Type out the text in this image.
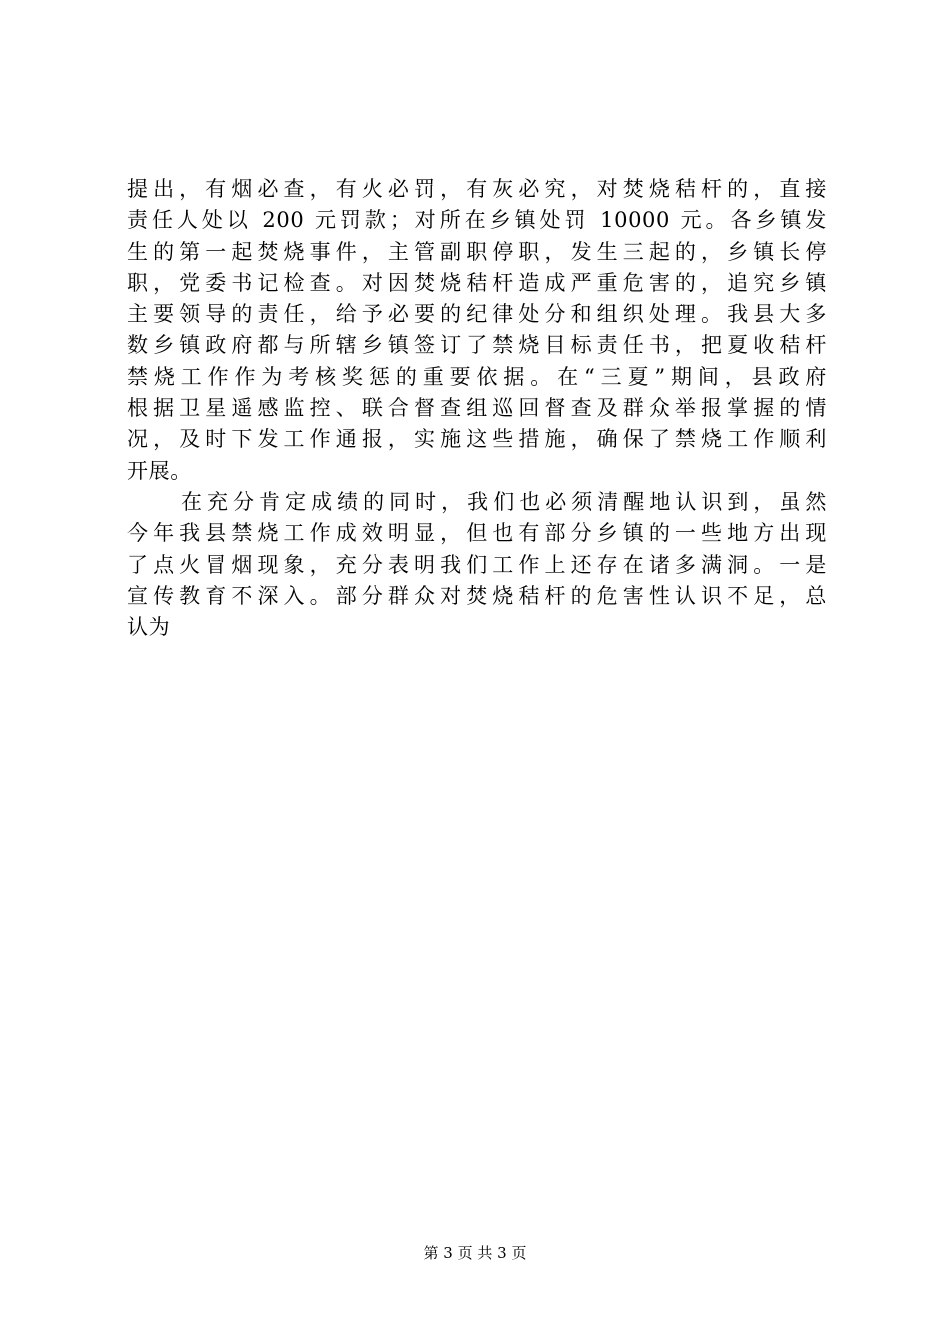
提出，有烟必查，有火必罚，有灰必究，对焚烧秸杆的，直接
责任人处以 200 元罚款；对所在乡镇处罚 10000 元。各乡镇发
生的第一起焚烧事件，主管副职停职，发生三起的，乡镇长停
职，党委书记检查。对因焚烧秸杆造成严重危害的，追究乡镇
主要领导的责任，给予必要的纪律处分和组织处理。我县大多
数乡镇政府都与所辖乡镇签订了禁烧目标责任书，把夏收秸杆
禁烧工作作为考核奖惩的重要依据。在“三夏”期间，县政府
根据卫星遥感监控、联合督查组巡回督查及群众举报掌握的情
况，及时下发工作通报，实施这些措施，确保了禁烧工作顺利
开展。
在充分肯定成绩的同时，我们也必须清醒地认识到，虽然
今年我县禁烧工作成效明显，但也有部分乡镇的一些地方出现
了点火冒烟现象，充分表明我们工作上还存在诸多满洞。一是
宣传教育不深入。部分群众对焚烧秸杆的危害性认识不足，总
认为
第 3 页 共 3 页
